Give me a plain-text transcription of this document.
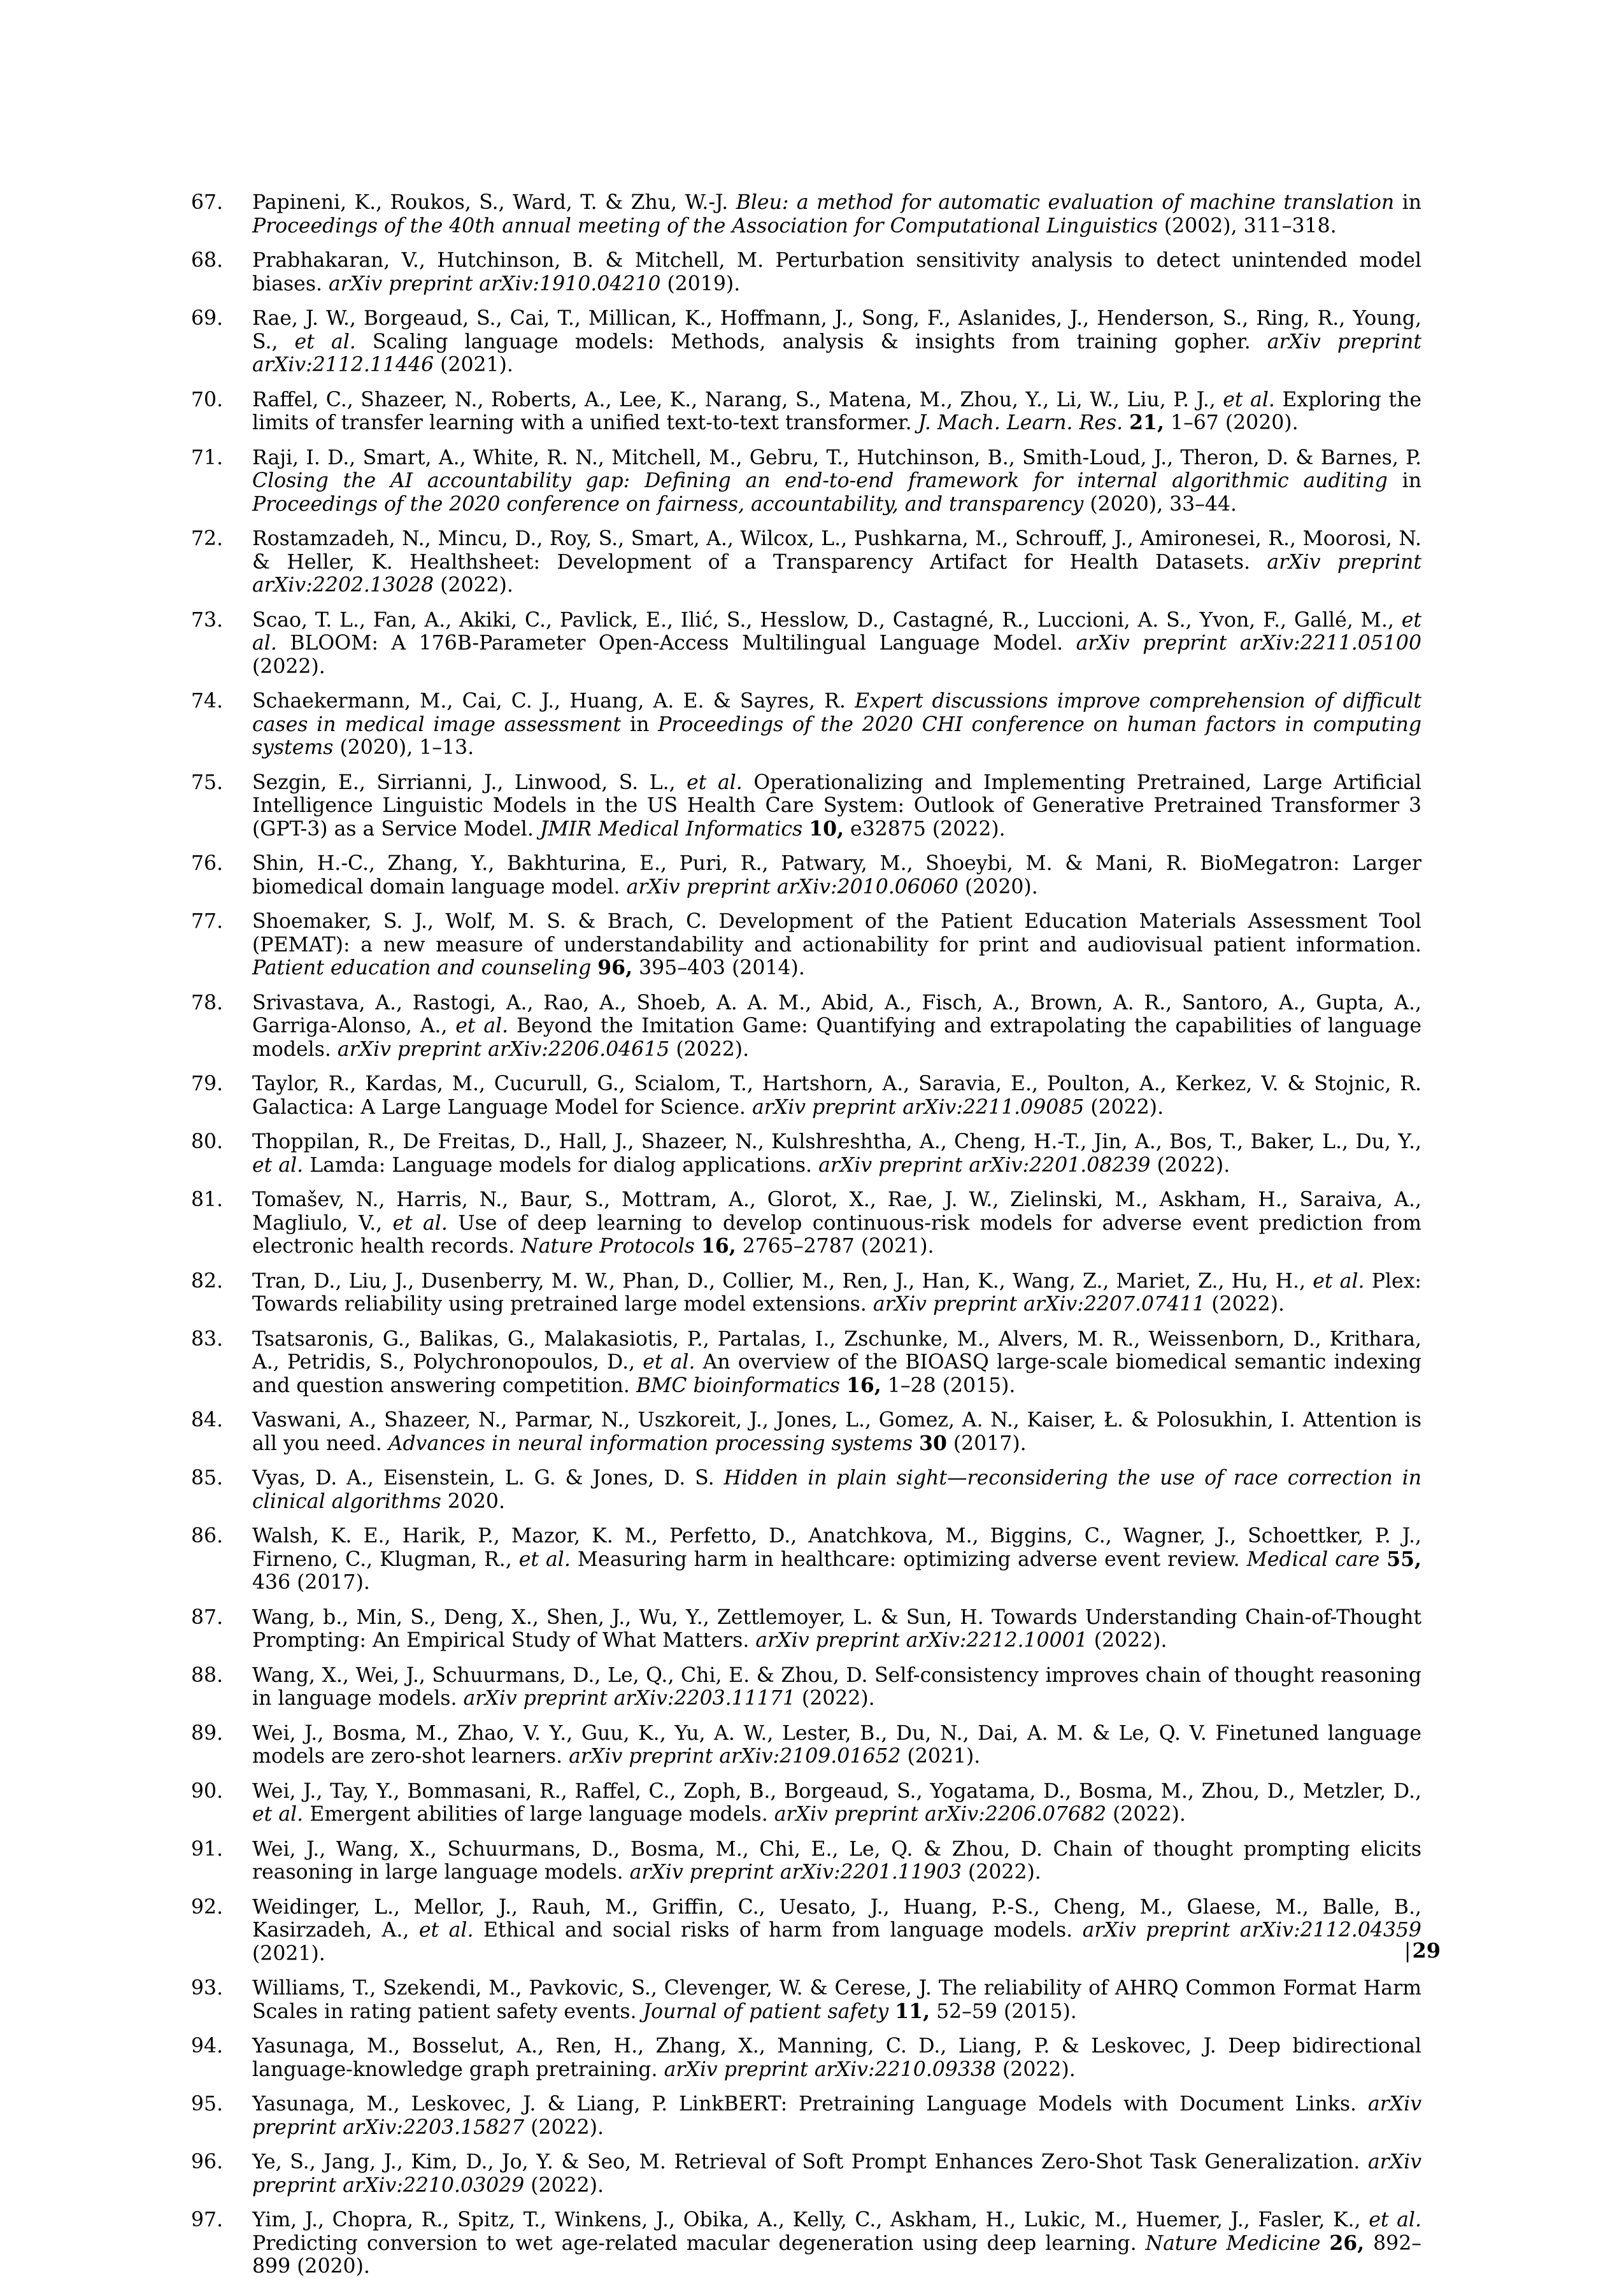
67. Papineni, K., Roukos, S., Ward, T. & Zhu, W.-J. Bleu: a method for automatic evaluation of machine translation in Proceedings of the 40th annual meeting of the Association for Computational Linguistics (2002), 311–318.
68. Prabhakaran, V., Hutchinson, B. & Mitchell, M. Perturbation sensitivity analysis to detect unintended model biases. arXiv preprint arXiv:1910.04210 (2019).
69. Rae, J. W., Borgeaud, S., Cai, T., Millican, K., Hoffmann, J., Song, F., Aslanides, J., Henderson, S., Ring, R., Young, S., et al. Scaling language models: Methods, analysis & insights from training gopher. arXiv preprint arXiv:2112.11446 (2021).
70. Raffel, C., Shazeer, N., Roberts, A., Lee, K., Narang, S., Matena, M., Zhou, Y., Li, W., Liu, P. J., et al. Exploring the limits of transfer learning with a unified text-to-text transformer. J. Mach. Learn. Res. 21, 1–67 (2020).
71. Raji, I. D., Smart, A., White, R. N., Mitchell, M., Gebru, T., Hutchinson, B., Smith-Loud, J., Theron, D. & Barnes, P. Closing the AI accountability gap: Defining an end-to-end framework for internal algorithmic auditing in Proceedings of the 2020 conference on fairness, accountability, and transparency (2020), 33–44.
72. Rostamzadeh, N., Mincu, D., Roy, S., Smart, A., Wilcox, L., Pushkarna, M., Schrouff, J., Amironesei, R., Moorosi, N. & Heller, K. Healthsheet: Development of a Transparency Artifact for Health Datasets. arXiv preprint arXiv:2202.13028 (2022).
73. Scao, T. L., Fan, A., Akiki, C., Pavlick, E., Ilić, S., Hesslow, D., Castagné, R., Luccioni, A. S., Yvon, F., Gallé, M., et al. BLOOM: A 176B-Parameter Open-Access Multilingual Language Model. arXiv preprint arXiv:2211.05100 (2022).
74. Schaekermann, M., Cai, C. J., Huang, A. E. & Sayres, R. Expert discussions improve comprehension of difficult cases in medical image assessment in Proceedings of the 2020 CHI conference on human factors in computing systems (2020), 1–13.
75. Sezgin, E., Sirrianni, J., Linwood, S. L., et al. Operationalizing and Implementing Pretrained, Large Artificial Intelligence Linguistic Models in the US Health Care System: Outlook of Generative Pretrained Transformer 3 (GPT-3) as a Service Model. JMIR Medical Informatics 10, e32875 (2022).
76. Shin, H.-C., Zhang, Y., Bakhturina, E., Puri, R., Patwary, M., Shoeybi, M. & Mani, R. BioMegatron: Larger biomedical domain language model. arXiv preprint arXiv:2010.06060 (2020).
77. Shoemaker, S. J., Wolf, M. S. & Brach, C. Development of the Patient Education Materials Assessment Tool (PEMAT): a new measure of understandability and actionability for print and audiovisual patient information. Patient education and counseling 96, 395–403 (2014).
78. Srivastava, A., Rastogi, A., Rao, A., Shoeb, A. A. M., Abid, A., Fisch, A., Brown, A. R., Santoro, A., Gupta, A., Garriga-Alonso, A., et al. Beyond the Imitation Game: Quantifying and extrapolating the capabilities of language models. arXiv preprint arXiv:2206.04615 (2022).
79. Taylor, R., Kardas, M., Cucurull, G., Scialom, T., Hartshorn, A., Saravia, E., Poulton, A., Kerkez, V. & Stojnic, R. Galactica: A Large Language Model for Science. arXiv preprint arXiv:2211.09085 (2022).
80. Thoppilan, R., De Freitas, D., Hall, J., Shazeer, N., Kulshreshtha, A., Cheng, H.-T., Jin, A., Bos, T., Baker, L., Du, Y., et al. Lamda: Language models for dialog applications. arXiv preprint arXiv:2201.08239 (2022).
81. Tomašev, N., Harris, N., Baur, S., Mottram, A., Glorot, X., Rae, J. W., Zielinski, M., Askham, H., Saraiva, A., Magliulo, V., et al. Use of deep learning to develop continuous-risk models for adverse event prediction from electronic health records. Nature Protocols 16, 2765–2787 (2021).
82. Tran, D., Liu, J., Dusenberry, M. W., Phan, D., Collier, M., Ren, J., Han, K., Wang, Z., Mariet, Z., Hu, H., et al. Plex: Towards reliability using pretrained large model extensions. arXiv preprint arXiv:2207.07411 (2022).
83. Tsatsaronis, G., Balikas, G., Malakasiotis, P., Partalas, I., Zschunke, M., Alvers, M. R., Weissenborn, D., Krithara, A., Petridis, S., Polychronopoulos, D., et al. An overview of the BIOASQ large-scale biomedical semantic indexing and question answering competition. BMC bioinformatics 16, 1–28 (2015).
84. Vaswani, A., Shazeer, N., Parmar, N., Uszkoreit, J., Jones, L., Gomez, A. N., Kaiser, Ł. & Polosukhin, I. Attention is all you need. Advances in neural information processing systems 30 (2017).
85. Vyas, D. A., Eisenstein, L. G. & Jones, D. S. Hidden in plain sight—reconsidering the use of race correction in clinical algorithms 2020.
86. Walsh, K. E., Harik, P., Mazor, K. M., Perfetto, D., Anatchkova, M., Biggins, C., Wagner, J., Schoettker, P. J., Firneno, C., Klugman, R., et al. Measuring harm in healthcare: optimizing adverse event review. Medical care 55, 436 (2017).
87. Wang, b., Min, S., Deng, X., Shen, J., Wu, Y., Zettlemoyer, L. & Sun, H. Towards Understanding Chain-of-Thought Prompting: An Empirical Study of What Matters. arXiv preprint arXiv:2212.10001 (2022).
88. Wang, X., Wei, J., Schuurmans, D., Le, Q., Chi, E. & Zhou, D. Self-consistency improves chain of thought reasoning in language models. arXiv preprint arXiv:2203.11171 (2022).
89. Wei, J., Bosma, M., Zhao, V. Y., Guu, K., Yu, A. W., Lester, B., Du, N., Dai, A. M. & Le, Q. V. Finetuned language models are zero-shot learners. arXiv preprint arXiv:2109.01652 (2021).
90. Wei, J., Tay, Y., Bommasani, R., Raffel, C., Zoph, B., Borgeaud, S., Yogatama, D., Bosma, M., Zhou, D., Metzler, D., et al. Emergent abilities of large language models. arXiv preprint arXiv:2206.07682 (2022).
91. Wei, J., Wang, X., Schuurmans, D., Bosma, M., Chi, E., Le, Q. & Zhou, D. Chain of thought prompting elicits reasoning in large language models. arXiv preprint arXiv:2201.11903 (2022).
92. Weidinger, L., Mellor, J., Rauh, M., Griffin, C., Uesato, J., Huang, P.-S., Cheng, M., Glaese, M., Balle, B., Kasirzadeh, A., et al. Ethical and social risks of harm from language models. arXiv preprint arXiv:2112.04359 (2021).
93. Williams, T., Szekendi, M., Pavkovic, S., Clevenger, W. & Cerese, J. The reliability of AHRQ Common Format Harm Scales in rating patient safety events. Journal of patient safety 11, 52–59 (2015).
94. Yasunaga, M., Bosselut, A., Ren, H., Zhang, X., Manning, C. D., Liang, P. & Leskovec, J. Deep bidirectional language-knowledge graph pretraining. arXiv preprint arXiv:2210.09338 (2022).
95. Yasunaga, M., Leskovec, J. & Liang, P. LinkBERT: Pretraining Language Models with Document Links. arXiv preprint arXiv:2203.15827 (2022).
96. Ye, S., Jang, J., Kim, D., Jo, Y. & Seo, M. Retrieval of Soft Prompt Enhances Zero-Shot Task Generalization. arXiv preprint arXiv:2210.03029 (2022).
97. Yim, J., Chopra, R., Spitz, T., Winkens, J., Obika, A., Kelly, C., Askham, H., Lukic, M., Huemer, J., Fasler, K., et al. Predicting conversion to wet age-related macular degeneration using deep learning. Nature Medicine 26, 892–899 (2020).
|29
